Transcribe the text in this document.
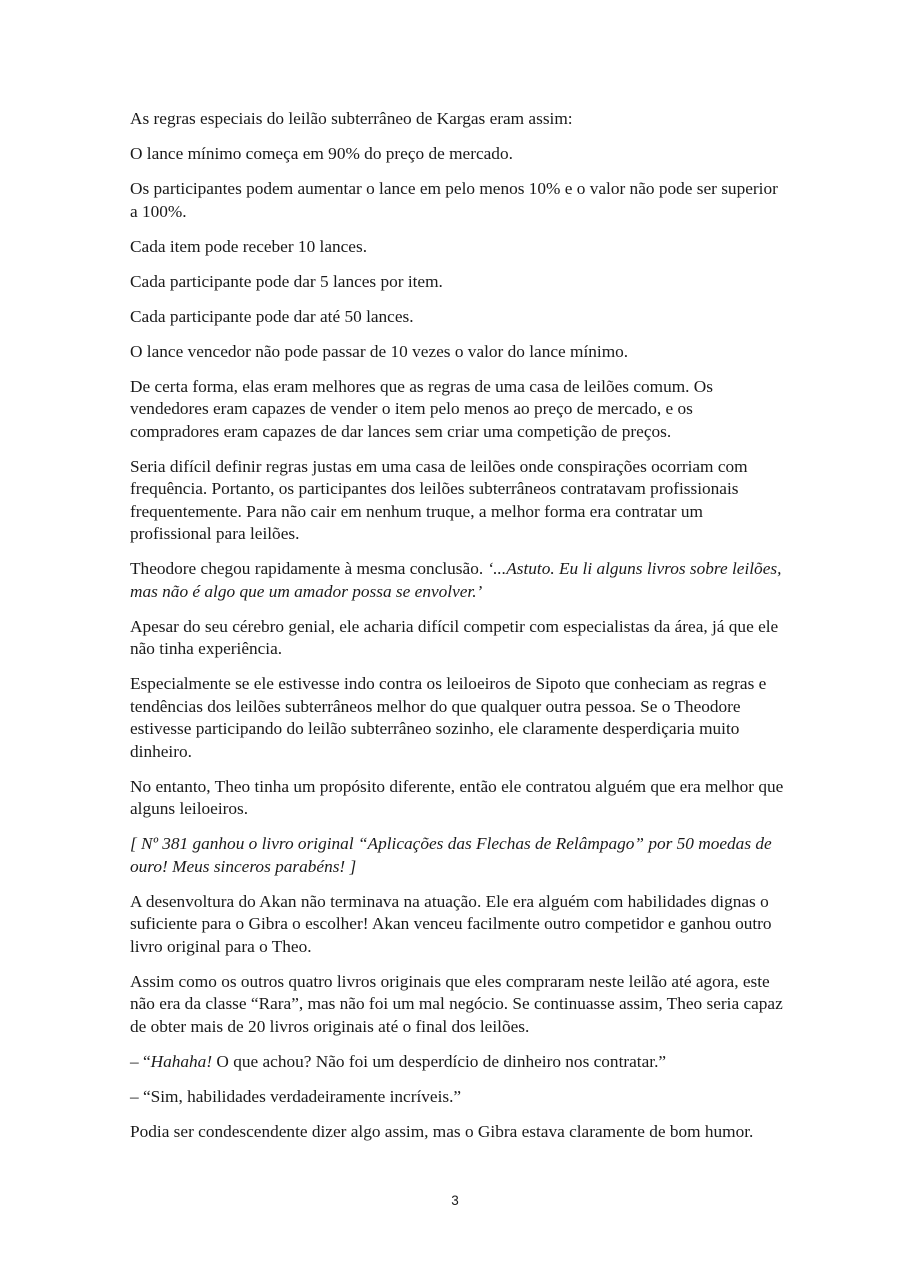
As regras especiais do leilão subterrâneo de Kargas eram assim:

O lance mínimo começa em 90% do preço de mercado.

Os participantes podem aumentar o lance em pelo menos 10% e o valor não pode ser superior a 100%.

Cada item pode receber 10 lances.

Cada participante pode dar 5 lances por item.

Cada participante pode dar até 50 lances.

O lance vencedor não pode passar de 10 vezes o valor do lance mínimo.

De certa forma, elas eram melhores que as regras de uma casa de leilões comum. Os vendedores eram capazes de vender o item pelo menos ao preço de mercado, e os compradores eram capazes de dar lances sem criar uma competição de preços.

Seria difícil definir regras justas em uma casa de leilões onde conspirações ocorriam com frequência. Portanto, os participantes dos leilões subterrâneos contratavam profissionais frequentemente. Para não cair em nenhum truque, a melhor forma era contratar um profissional para leilões.

Theodore chegou rapidamente à mesma conclusão. ‘...Astuto. Eu li alguns livros sobre leilões, mas não é algo que um amador possa se envolver.’

Apesar do seu cérebro genial, ele acharia difícil competir com especialistas da área, já que ele não tinha experiência.

Especialmente se ele estivesse indo contra os leiloeiros de Sipoto que conheciam as regras e tendências dos leilões subterrâneos melhor do que qualquer outra pessoa. Se o Theodore estivesse participando do leilão subterrâneo sozinho, ele claramente desperdiçaria muito dinheiro.

No entanto, Theo tinha um propósito diferente, então ele contratou alguém que era melhor que alguns leiloeiros.

[ Nº 381 ganhou o livro original “Aplicações das Flechas de Relâmpago” por 50 moedas de ouro! Meus sinceros parabéns! ]

A desenvoltura do Akan não terminava na atuação. Ele era alguém com habilidades dignas o suficiente para o Gibra o escolher! Akan venceu facilmente outro competidor e ganhou outro livro original para o Theo.

Assim como os outros quatro livros originais que eles compraram neste leilão até agora, este não era da classe “Rara”, mas não foi um mal negócio. Se continuasse assim, Theo seria capaz de obter mais de 20 livros originais até o final dos leilões.

– “Hahaha! O que achou? Não foi um desperdício de dinheiro nos contratar.”

– “Sim, habilidades verdadeiramente incríveis.”

Podia ser condescendente dizer algo assim, mas o Gibra estava claramente de bom humor.

3
